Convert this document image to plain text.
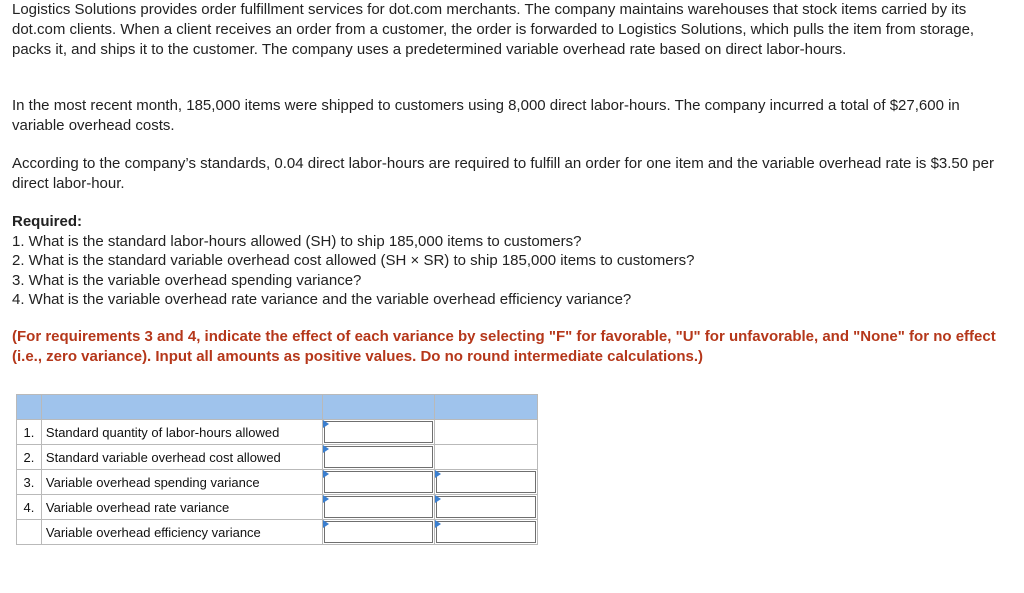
Logistics Solutions provides order fulfillment services for dot.com merchants. The company maintains warehouses that stock items carried by its dot.com clients. When a client receives an order from a customer, the order is forwarded to Logistics Solutions, which pulls the item from storage, packs it, and ships it to the customer. The company uses a predetermined variable overhead rate based on direct labor-hours.

In the most recent month, 185,000 items were shipped to customers using 8,000 direct labor-hours. The company incurred a total of $27,600 in variable overhead costs.

According to the company’s standards, 0.04 direct labor-hours are required to fulfill an order for one item and the variable overhead rate is $3.50 per direct labor-hour.

Required:
1. What is the standard labor-hours allowed (SH) to ship 185,000 items to customers?
2. What is the standard variable overhead cost allowed (SH × SR) to ship 185,000 items to customers?
3. What is the variable overhead spending variance?
4. What is the variable overhead rate variance and the variable overhead efficiency variance?
(For requirements 3 and 4, indicate the effect of each variance by selecting "F" for favorable, "U" for unfavorable, and "None" for no effect (i.e., zero variance). Input all amounts as positive values. Do no round intermediate calculations.)

1.	Standard quantity of labor-hours allowed	

2.	Standard variable overhead cost allowed	

3.	Variable overhead spending variance	

4.	Variable overhead rate variance	

	Variable overhead efficiency variance	
